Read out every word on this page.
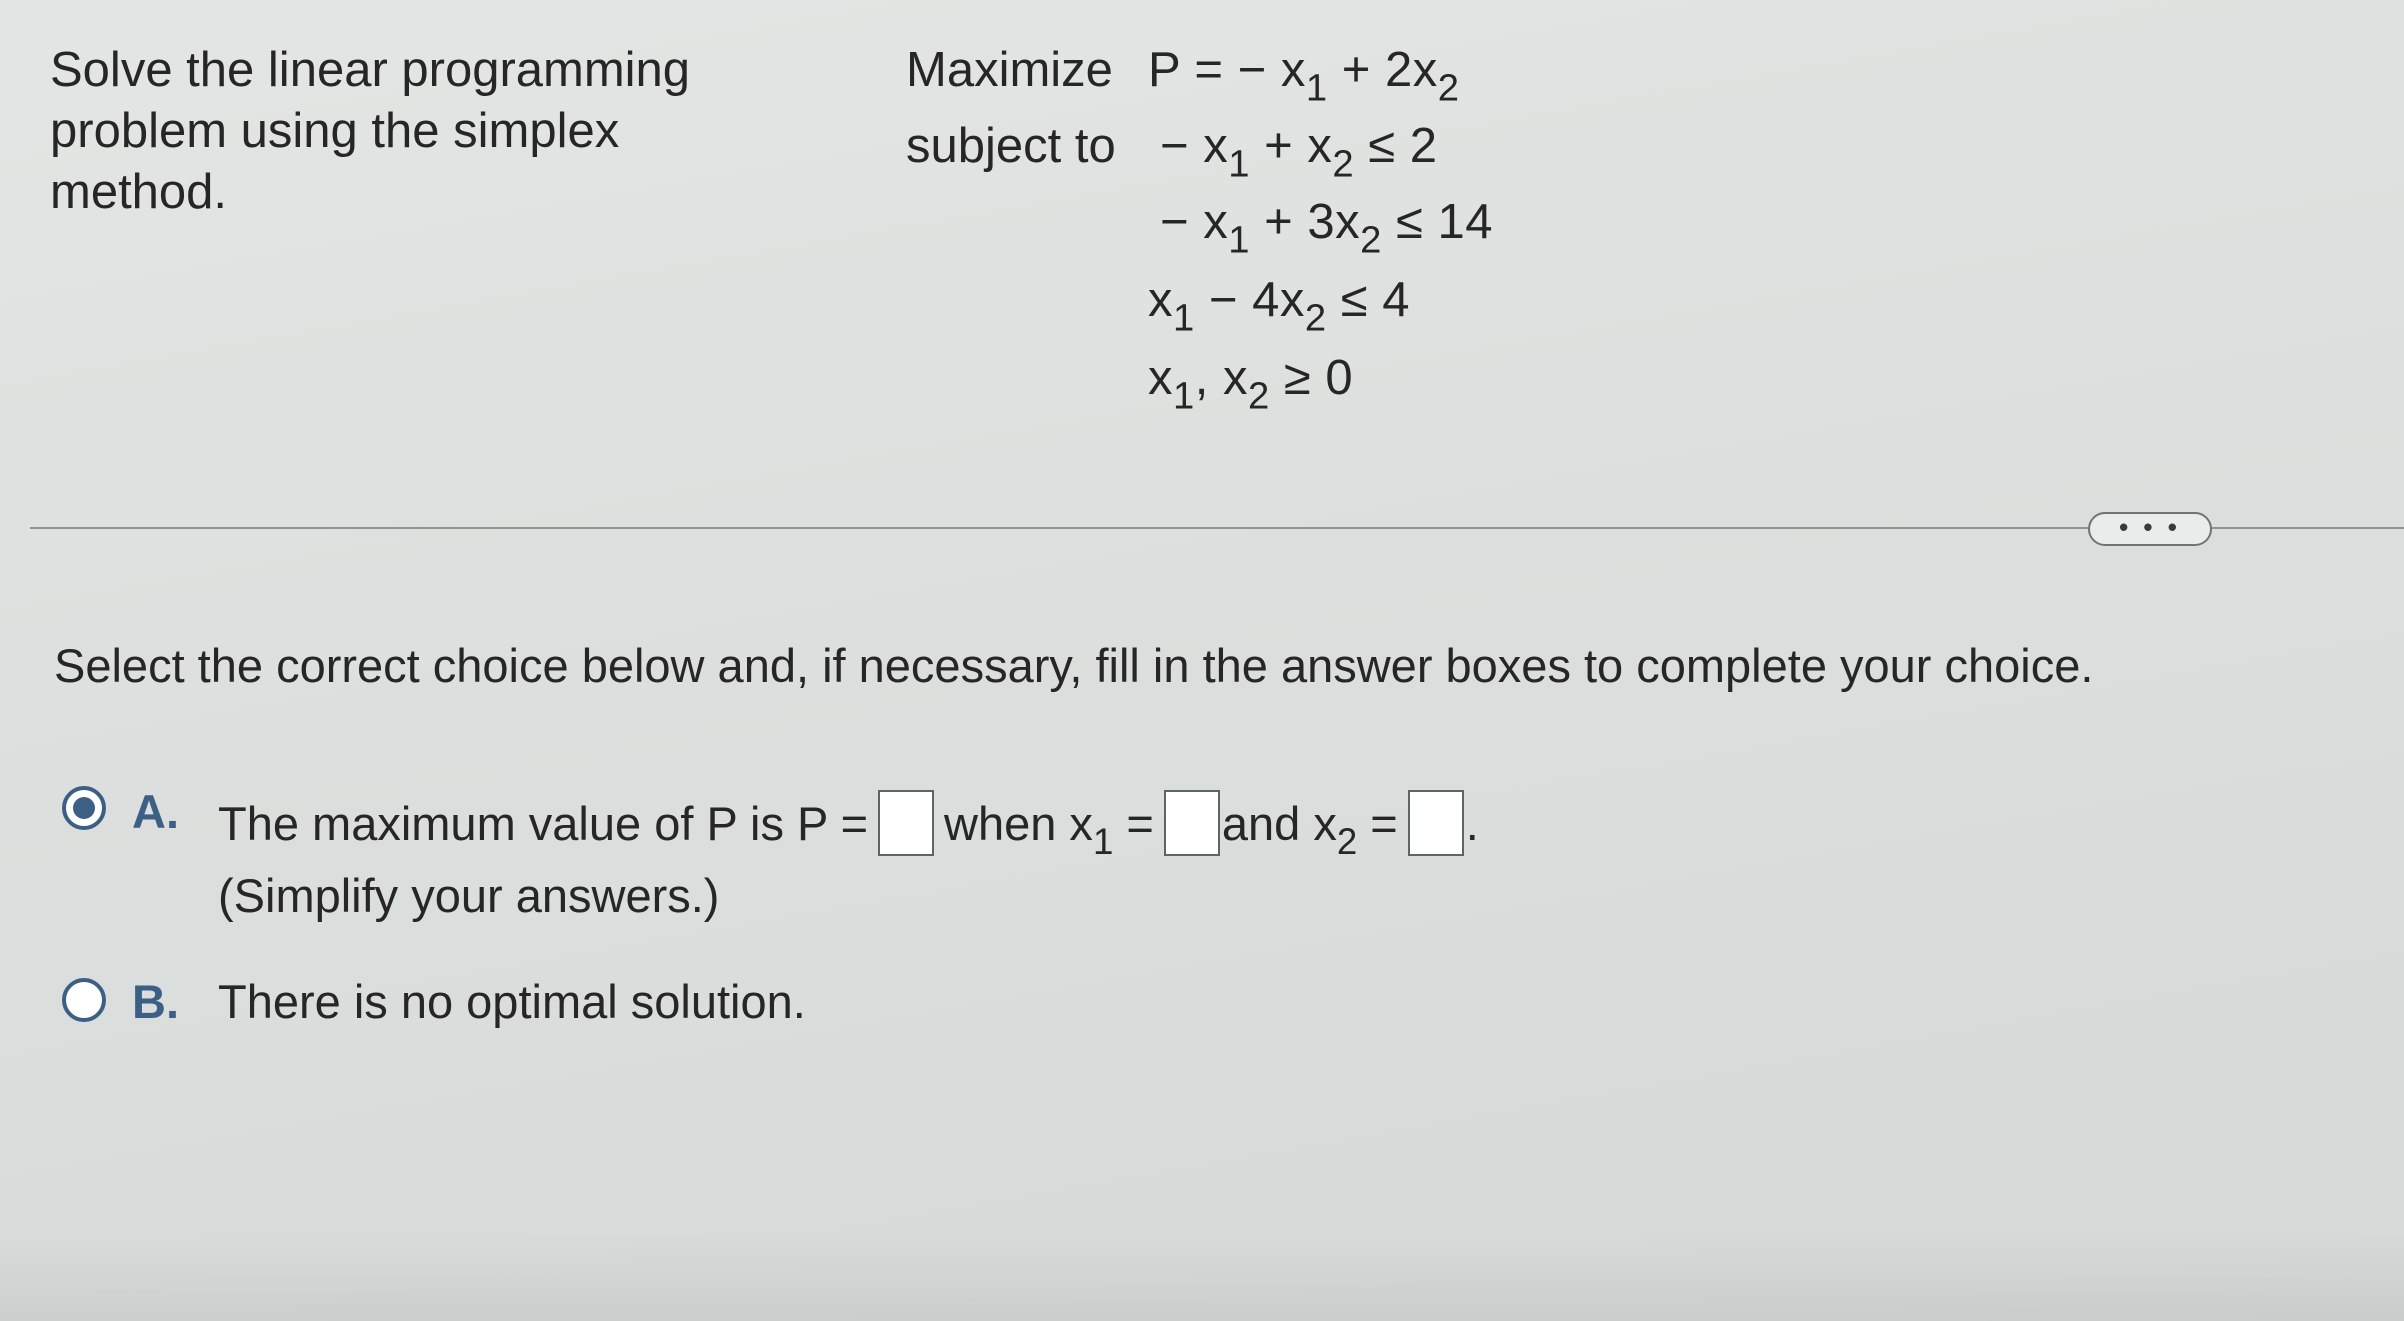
Solve the linear programming problem using the simplex method.
Maximize
subject to
P = − $x_1 + 2x_2$
− $x_1 + x_2 \le 2$
− $x_1 + 3x_2 \le 14$
$x_1 - 4x_2 \le 4$
$x_1$, $x_2 \ge 0$
• • •
Select the correct choice below and, if necessary, fill in the answer boxes to complete your choice.
A. The maximum value of P is P = when $x_1$ = and $x_2$ = .
(Simplify your answers.)
B. There is no optimal solution.
